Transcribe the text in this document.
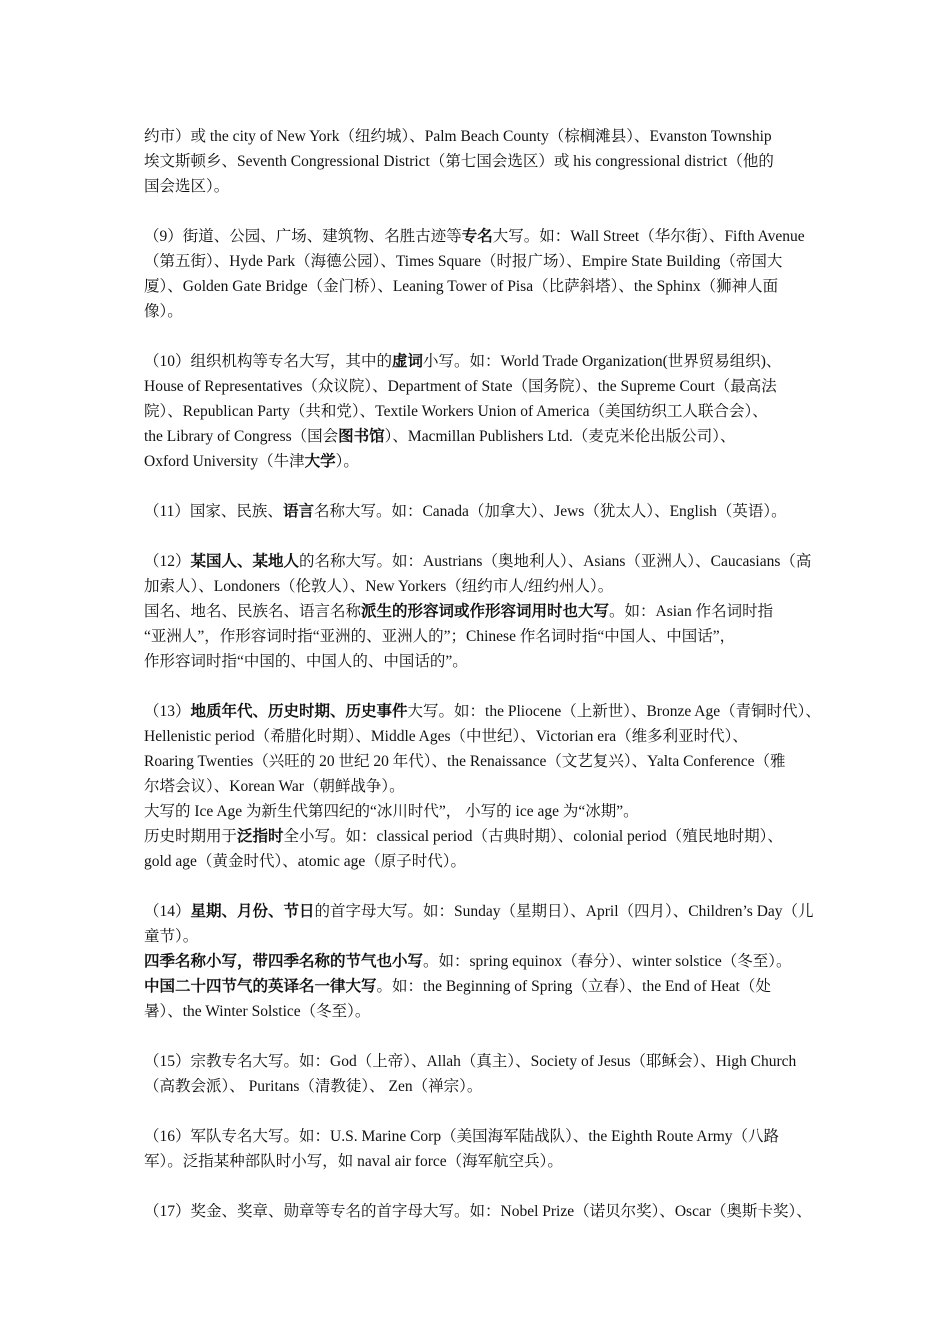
约市）或 the city of New York（纽约城）、Palm Beach County（棕榈滩县）、Evanston Township
埃文斯顿乡、Seventh Congressional District（第七国会选区）或 his congressional district（他的
国会选区）。
（9）街道、公园、广场、建筑物、名胜古迹等专名大写。如：Wall Street（华尔街）、Fifth Avenue
（第五街）、Hyde Park（海德公园）、Times Square（时报广场）、Empire State Building（帝国大
厦）、Golden Gate Bridge（金门桥）、Leaning Tower of Pisa（比萨斜塔）、the Sphinx（狮神人面
像）。
（10）组织机构等专名大写，其中的虚词小写。如：World Trade Organization(世界贸易组织)、
House of Representatives（众议院）、Department of State（国务院）、the Supreme Court（最高法
院）、Republican Party（共和党）、Textile Workers Union of America（美国纺织工人联合会）、
the Library of Congress（国会图书馆）、Macmillan Publishers Ltd.（麦克米伦出版公司）、
Oxford University（牛津大学）。
（11）国家、民族、语言名称大写。如：Canada（加拿大）、Jews（犹太人）、English（英语）。
（12）某国人、某地人的名称大写。如：Austrians（奥地利人）、Asians（亚洲人）、Caucasians（高
加索人）、Londoners（伦敦人）、New Yorkers（纽约市人/纽约州人）。
国名、地名、民族名、语言名称派生的形容词或作形容词用时也大写。如：Asian 作名词时指
“亚洲人”，作形容词时指“亚洲的、亚洲人的”；Chinese 作名词时指“中国人、中国话”，
作形容词时指“中国的、中国人的、中国话的”。
（13）地质年代、历史时期、历史事件大写。如：the Pliocene（上新世）、Bronze Age（青铜时代）、
Hellenistic period（希腊化时期）、Middle Ages（中世纪）、Victorian era（维多利亚时代）、
Roaring Twenties（兴旺的 20 世纪 20 年代）、the Renaissance（文艺复兴）、Yalta Conference（雅
尔塔会议）、Korean War（朝鲜战争）。
大写的 Ice Age 为新生代第四纪的“冰川时代”， 小写的 ice age 为“冰期”。
历史时期用于泛指时全小写。如：classical period（古典时期）、colonial period（殖民地时期）、
gold age（黄金时代）、atomic age（原子时代）。
（14）星期、月份、节日的首字母大写。如：Sunday（星期日）、April（四月）、Children’s Day（儿
童节）。
四季名称小写，带四季名称的节气也小写。如：spring equinox（春分）、winter solstice（冬至）。
中国二十四节气的英译名一律大写。如：the Beginning of Spring（立春）、the End of Heat（处
暑）、the Winter Solstice（冬至）。
（15）宗教专名大写。如：God（上帝）、Allah（真主）、Society of Jesus（耶稣会）、High Church
（高教会派）、 Puritans（清教徒）、 Zen（禅宗）。
（16）军队专名大写。如：U.S. Marine Corp（美国海军陆战队）、the Eighth Route Army（八路
军）。泛指某种部队时小写，如 naval air force（海军航空兵）。
（17）奖金、奖章、勋章等专名的首字母大写。如：Nobel Prize（诺贝尔奖）、Oscar（奥斯卡奖）、
